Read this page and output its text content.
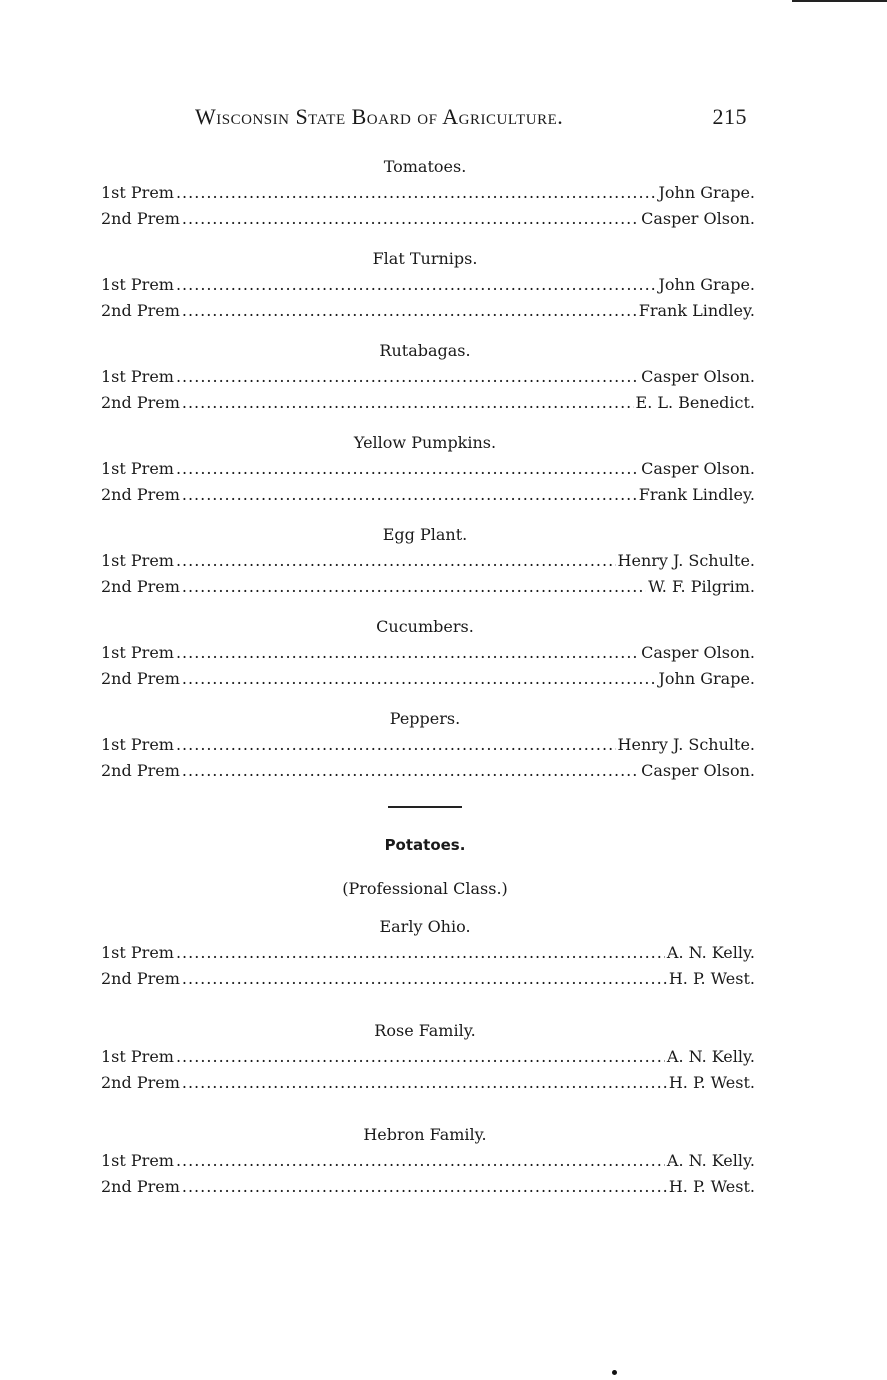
Wisconsin State Board of Agriculture.	215
Tomatoes.
1st Prem .....	John Grape.
2nd Prem .....	Casper Olson.
Flat Turnips.
1st Prem .....	John Grape.
2nd Prem .....	Frank Lindley.
Rutabagas.
1st Prem .....	Casper Olson.
2nd Prem .....	E. L. Benedict.
Yellow Pumpkins.
1st Prem .....	Casper Olson.
2nd Prem .....	Frank Lindley.
Egg Plant.
1st Prem .....	Henry J. Schulte.
2nd Prem .....	W. F. Pilgrim.
Cucumbers.
1st Prem .....	Casper Olson.
2nd Prem .....	John Grape.
Peppers.
1st Prem .....	Henry J. Schulte.
2nd Prem .....	Casper Olson.
Potatoes.
(Professional Class.)
Early Ohio.
1st Prem .....	A. N. Kelly.
2nd Prem .....	H. P. West.
Rose Family.
1st Prem .....	A. N. Kelly.
2nd Prem .....	H. P. West.
Hebron Family.
1st Prem .....	A. N. Kelly.
2nd Prem .....	H. P. West.
